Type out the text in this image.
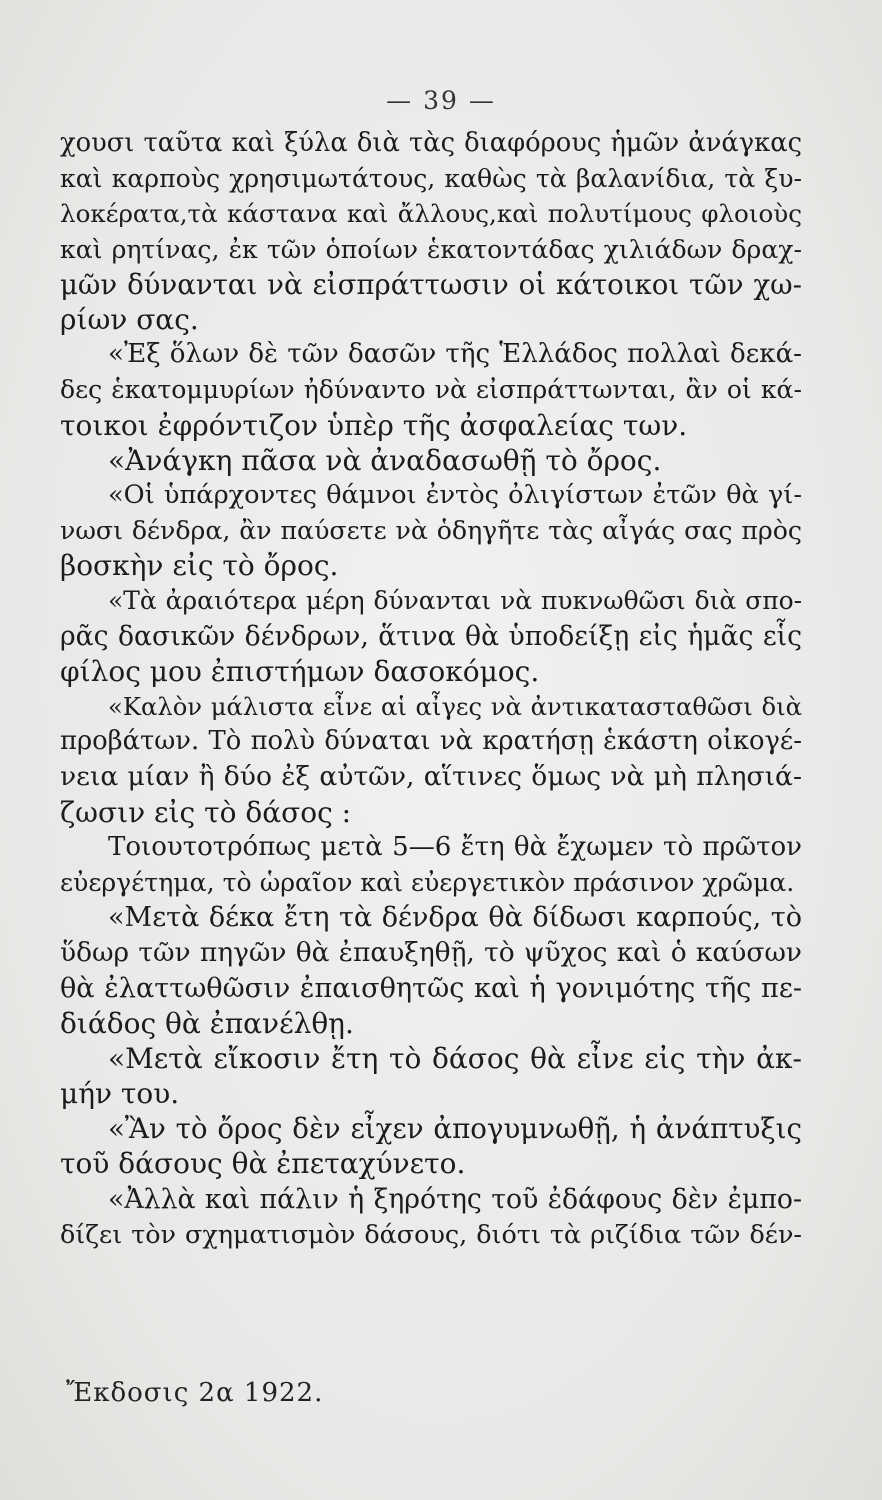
— 39 —
χουσι ταῦτα καὶ ξύλα διὰ τὰς διαφόρους ἡμῶν ἀνάγκας
καὶ καρποὺς χρησιμωτάτους, καθὼς τὰ βαλανίδια, τὰ ξυ-
λοκέρατα,τὰ κάστανα καὶ ἄλλους,καὶ πολυτίμους φλοιοὺς
καὶ ρητίνας, ἐκ τῶν ὁποίων ἑκατοντάδας χιλιάδων δραχ-
μῶν δύνανται νὰ εἰσπράττωσιν οἱ κάτοικοι τῶν χω-
ρίων σας.
«Ἐξ ὅλων δὲ τῶν δασῶν τῆς Ἑλλάδος πολλαὶ δεκά-
δες ἑκατομμυρίων ἠδύναντο νὰ εἰσπράττωνται, ἂν οἱ κά-
τοικοι ἐφρόντιζον ὑπὲρ τῆς ἀσφαλείας των.
«Ἀνάγκη πᾶσα νὰ ἀναδασωθῇ τὸ ὄρος.
«Οἱ ὑπάρχοντες θάμνοι ἐντὸς ὀλιγίστων ἐτῶν θὰ γί-
νωσι δένδρα, ἂν παύσετε νὰ ὁδηγῆτε τὰς αἶγάς σας πρὸς
βοσκὴν εἰς τὸ ὄρος.
«Τὰ ἀραιότερα μέρη δύνανται νὰ πυκνωθῶσι διὰ σπο-
ρᾶς δασικῶν δένδρων, ἅτινα θὰ ὑποδείξῃ εἰς ἡμᾶς εἷς
φίλος μου ἐπιστήμων δασοκόμος.
«Καλὸν μάλιστα εἶνε αἱ αἶγες νὰ ἀντικατασταθῶσι διὰ
προβάτων. Τὸ πολὺ δύναται νὰ κρατήσῃ ἑκάστη οἰκογέ-
νεια μίαν ἢ δύο ἐξ αὐτῶν, αἵτινες ὅμως νὰ μὴ πλησιά-
ζωσιν εἰς τὸ δάσος :
Τοιουτοτρόπως μετὰ 5—6 ἔτη θὰ ἔχωμεν τὸ πρῶτον
εὐεργέτημα, τὸ ὡραῖον καὶ εὐεργετικὸν πράσινον χρῶμα.
«Μετὰ δέκα ἔτη τὰ δένδρα θὰ δίδωσι καρπούς, τὸ
ὕδωρ τῶν πηγῶν θὰ ἐπαυξηθῇ, τὸ ψῦχος καὶ ὁ καύσων
θὰ ἐλαττωθῶσιν ἐπαισθητῶς καὶ ἡ γονιμότης τῆς πε-
διάδος θὰ ἐπανέλθῃ.
«Μετὰ εἴκοσιν ἔτη τὸ δάσος θὰ εἶνε εἰς τὴν ἀκ-
μήν του.
«Ἂν τὸ ὄρος δὲν εἶχεν ἀπογυμνωθῇ, ἡ ἀνάπτυξις
τοῦ δάσους θὰ ἐπεταχύνετο.
«Ἀλλὰ καὶ πάλιν ἡ ξηρότης τοῦ ἐδάφους δὲν ἐμπο-
δίζει τὸν σχηματισμὸν δάσους, διότι τὰ ριζίδια τῶν δέν-
Ἔκδοσις 2α 1922.
